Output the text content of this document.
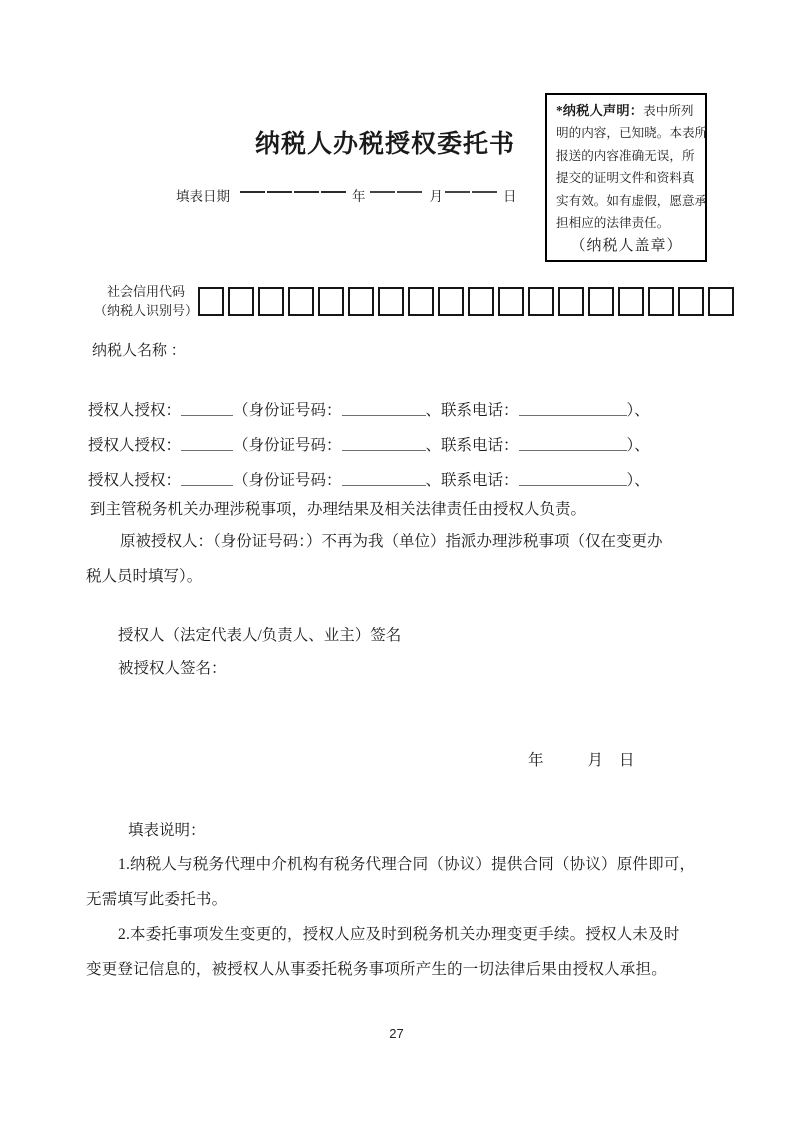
*纳税人声明：表中所列
明的内容，已知晓。本表所
报送的内容准确无误，所
提交的证明文件和资料真
实有效。如有虚假，愿意承
担相应的法律责任。
（纳税人盖章）
纳税人办税授权委托书
填表日期	年	月	日
社会信用代码
（纳税人识别号）
纳税人名称 ：
授权人授权：	（身份证号码：	、联系电话：	）、
授权人授权：	（身份证号码：	、联系电话：	）、
授权人授权：	（身份证号码：	、联系电话：	）、
到主管税务机关办理涉税事项，办理结果及相关法律责任由授权人负责。
原被授权人：（身份证号码：）不再为我（单位）指派办理涉税事项（仅在变更办
税人员时填写）。
授权人（法定代表人/负责人、业主）签名
被授权人签名：
年	月 日
填表说明：
1.纳税人与税务代理中介机构有税务代理合同（协议）提供合同（协议）原件即可，
无需填写此委托书。
2.本委托事项发生变更的，授权人应及时到税务机关办理变更手续。授权人未及时
变更登记信息的，被授权人从事委托税务事项所产生的一切法律后果由授权人承担。
27
